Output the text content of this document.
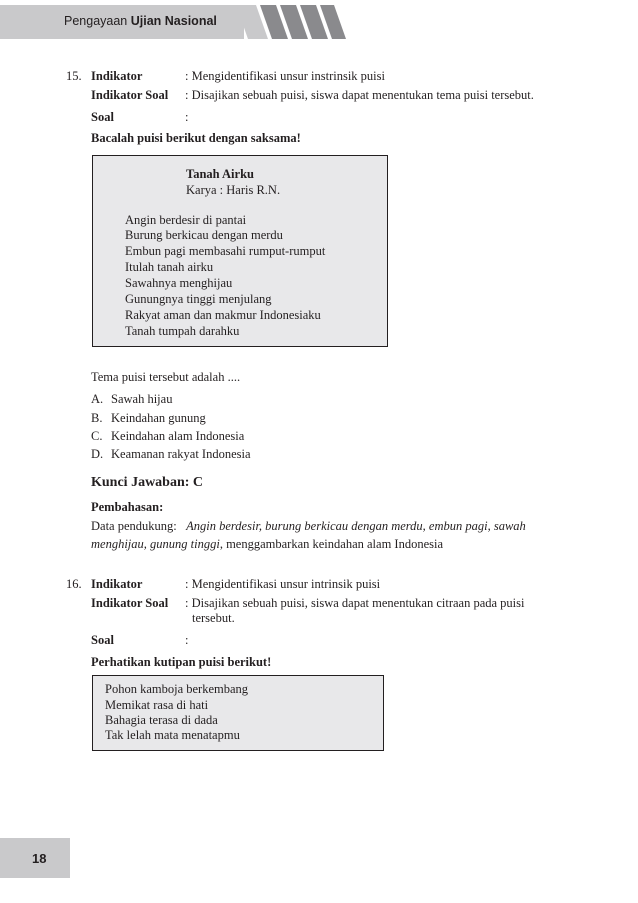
Pengayaan Ujian Nasional
15. Indikator	: Mengidentifikasi unsur instrinsik puisi
Indikator Soal : Disajikan sebuah puisi, siswa dapat menentukan tema puisi tersebut.
Soal	:
Bacalah puisi berikut dengan saksama!
Tanah Airku
Karya : Haris R.N.
Angin berdesir di pantai
Burung berkicau dengan merdu
Embun pagi membasahi rumput-rumput
Itulah tanah airku
Sawahnya menghijau
Gunungnya tinggi menjulang
Rakyat aman dan makmur Indonesiaku
Tanah tumpah darahku
Tema puisi tersebut adalah ....
A. Sawah hijau
B. Keindahan gunung
C. Keindahan alam Indonesia
D. Keamanan rakyat Indonesia
Kunci Jawaban: C
Pembahasan:
Data pendukung: Angin berdesir, burung berkicau dengan merdu, embun pagi, sawah
menghijau, gunung tinggi, menggambarkan keindahan alam Indonesia
16. Indikator	: Mengidentifikasi unsur intrinsik puisi
Indikator Soal : Disajikan sebuah puisi, siswa dapat menentukan citraan pada puisi
tersebut.
Soal	:
Perhatikan kutipan puisi berikut!
Pohon kamboja berkembang
Memikat rasa di hati
Bahagia terasa di dada
Tak lelah mata menatapmu
18
